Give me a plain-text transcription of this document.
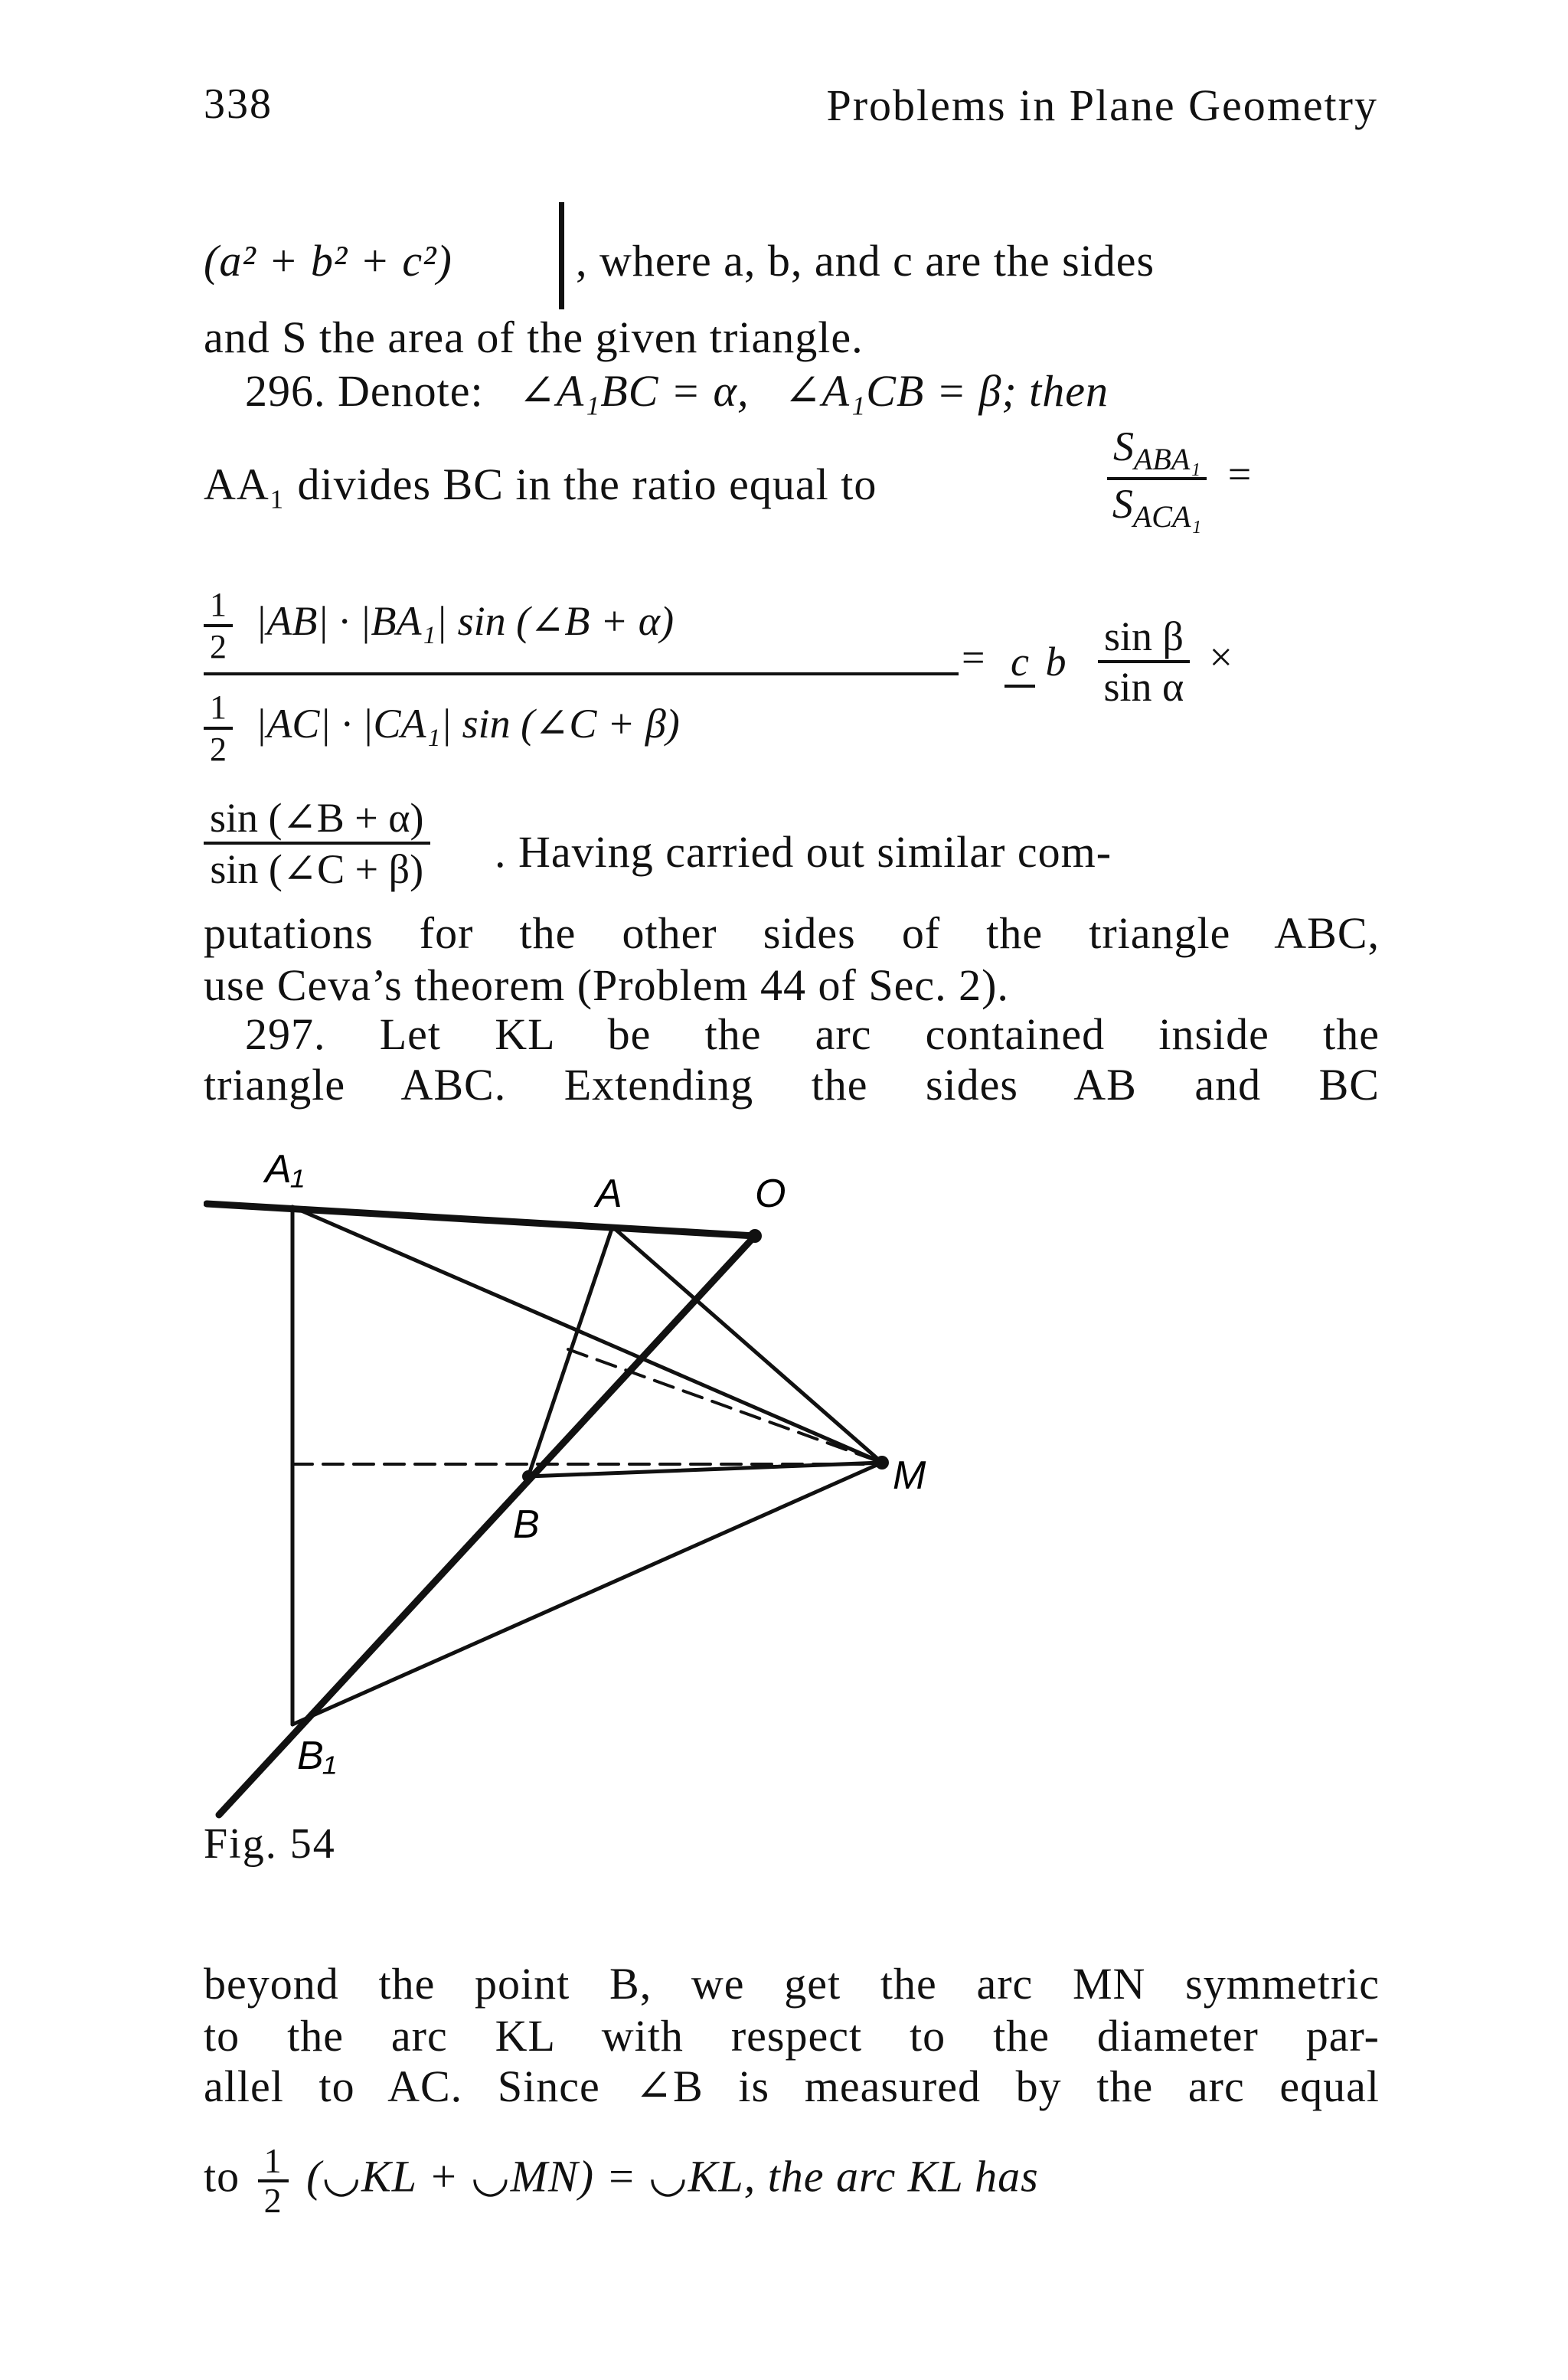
338	Problems in Plane Geometry
(a² + b² + c²)	, where a, b, and c are the sides
and S the area of the given triangle.
296. Denote: ∠A₁BC = α, ∠A₁CB = β; then
AA₁ divides BC in the ratio equal to
$S_{ABA_1}$
$S_{ACA_1}$
=
$\frac{1}{2} |AB| \cdot |BA_1|$ sin (∠B + α)
$\frac{1}{2} |AC| \cdot |CA_1|$ sin (∠C + β)
= c b $\frac{\text{sin β}}{\text{sin α}}$ ×
$\frac{\sin (\angle B + \alpha)}{\sin (\angle C + \beta)}$ . Having carried out similar com-
putations for the other sides of the triangle ABC,
use Ceva’s theorem (Problem 44 of Sec. 2).
297. Let KL be the arc contained inside the
triangle ABC. Extending the sides AB and BC
A₁
A	O
M
B
B₁
Fig. 54
beyond the point B, we get the arc MN symmetric
to the arc KL with respect to the diameter par-
allel to AC. Since ∠B is measured by the arc equal
to $\frac{1}{2}$ (◡KL + ◡MN) = ◡KL, the arc KL has
